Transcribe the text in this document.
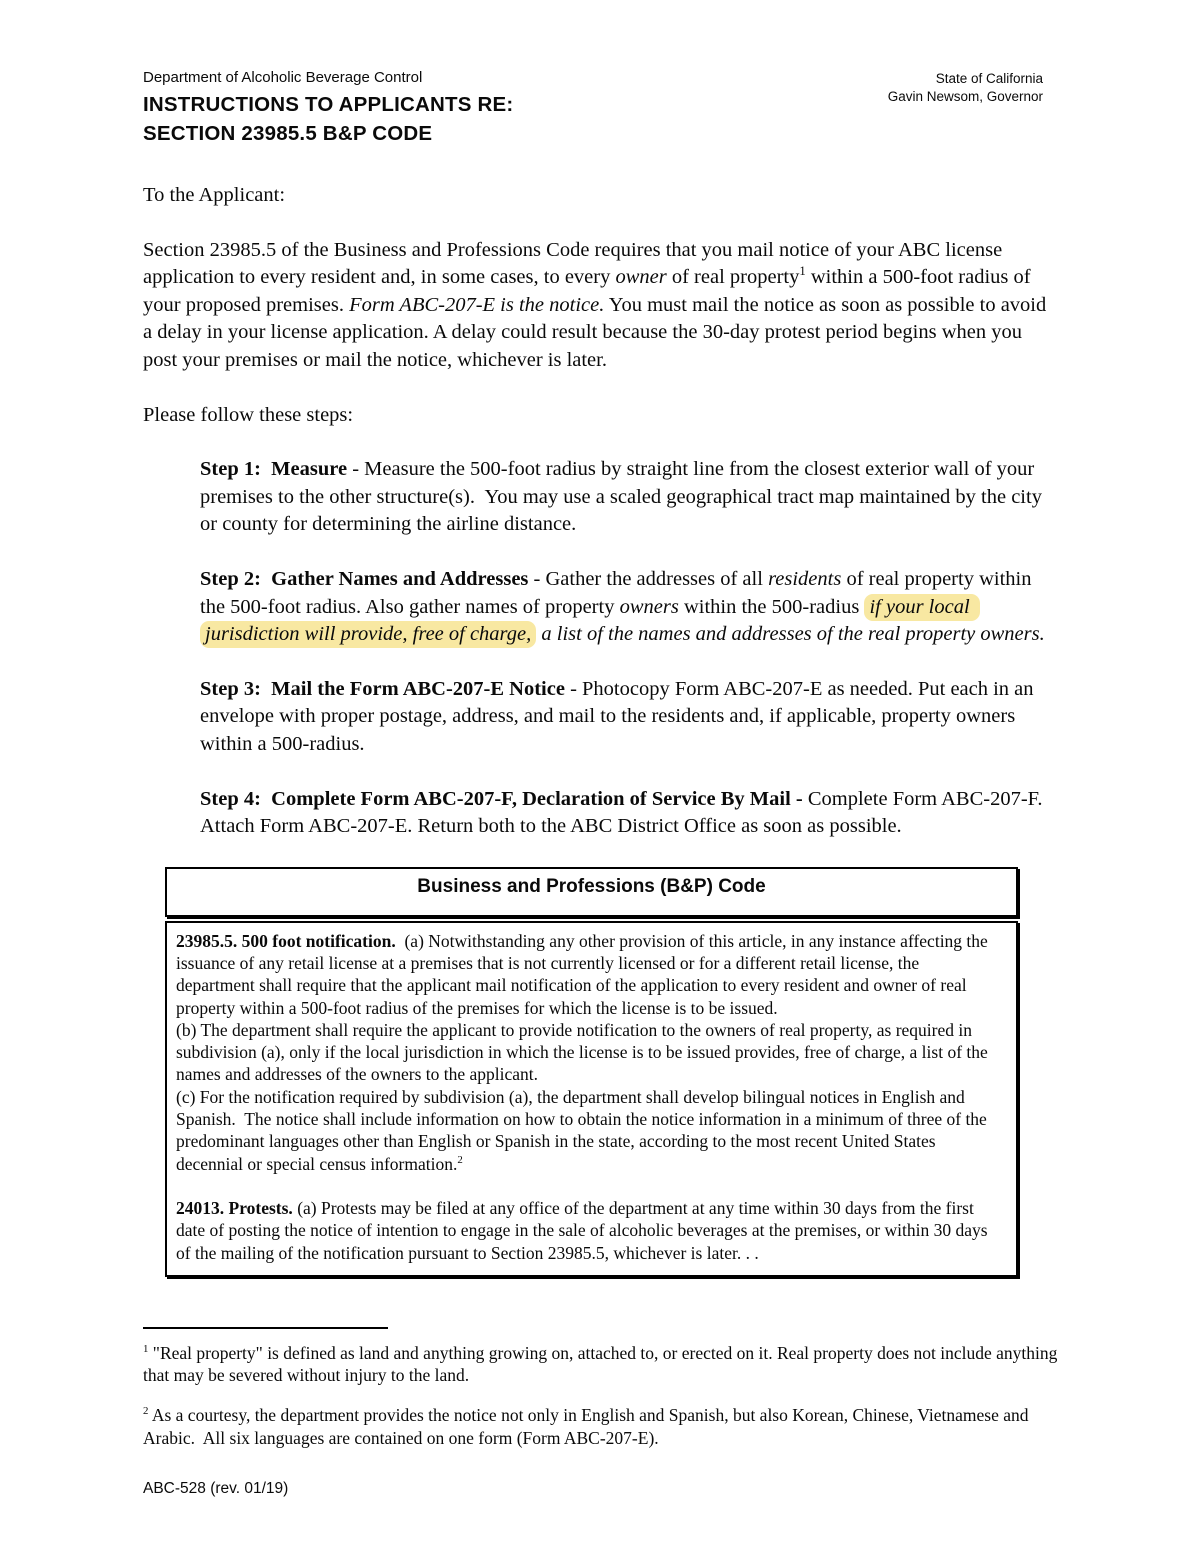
Department of Alcoholic Beverage Control
INSTRUCTIONS TO APPLICANTS RE:
SECTION 23985.5 B&P CODE
State of California
Gavin Newsom, Governor
To the Applicant:
Section 23985.5 of the Business and Professions Code requires that you mail notice of your ABC license application to every resident and, in some cases, to every owner of real property$^1$ within a 500-foot radius of your proposed premises. Form ABC-207-E is the notice. You must mail the notice as soon as possible to avoid a delay in your license application. A delay could result because the 30-day protest period begins when you post your premises or mail the notice, whichever is later.
Please follow these steps:
Step 1:  Measure - Measure the 500-foot radius by straight line from the closest exterior wall of your premises to the other structure(s).  You may use a scaled geographical tract map maintained by the city or county for determining the airline distance.
Step 2:  Gather Names and Addresses - Gather the addresses of all residents of real property within the 500-foot radius. Also gather names of property owners within the 500-radius if your local jurisdiction will provide, free of charge, a list of the names and addresses of the real property owners.
Step 3:  Mail the Form ABC-207-E Notice - Photocopy Form ABC-207-E as needed. Put each in an envelope with proper postage, address, and mail to the residents and, if applicable, property owners within a 500-radius.
Step 4:  Complete Form ABC-207-F, Declaration of Service By Mail - Complete Form ABC-207-F. Attach Form ABC-207-E. Return both to the ABC District Office as soon as possible.
Business and Professions (B&P) Code
23985.5. 500 foot notification.  (a) Notwithstanding any other provision of this article, in any instance affecting the issuance of any retail license at a premises that is not currently licensed or for a different retail license, the department shall require that the applicant mail notification of the application to every resident and owner of real property within a 500-foot radius of the premises for which the license is to be issued.
(b) The department shall require the applicant to provide notification to the owners of real property, as required in subdivision (a), only if the local jurisdiction in which the license is to be issued provides, free of charge, a list of the names and addresses of the owners to the applicant.
(c) For the notification required by subdivision (a), the department shall develop bilingual notices in English and Spanish.  The notice shall include information on how to obtain the notice information in a minimum of three of the predominant languages other than English or Spanish in the state, according to the most recent United States decennial or special census information.$^2$
24013. Protests. (a) Protests may be filed at any office of the department at any time within 30 days from the first date of posting the notice of intention to engage in the sale of alcoholic beverages at the premises, or within 30 days of the mailing of the notification pursuant to Section 23985.5, whichever is later. . .
$^1$ "Real property" is defined as land and anything growing on, attached to, or erected on it. Real property does not include anything that may be severed without injury to the land.
$^2$ As a courtesy, the department provides the notice not only in English and Spanish, but also Korean, Chinese, Vietnamese and Arabic.  All six languages are contained on one form (Form ABC-207-E).
ABC-528 (rev. 01/19)
